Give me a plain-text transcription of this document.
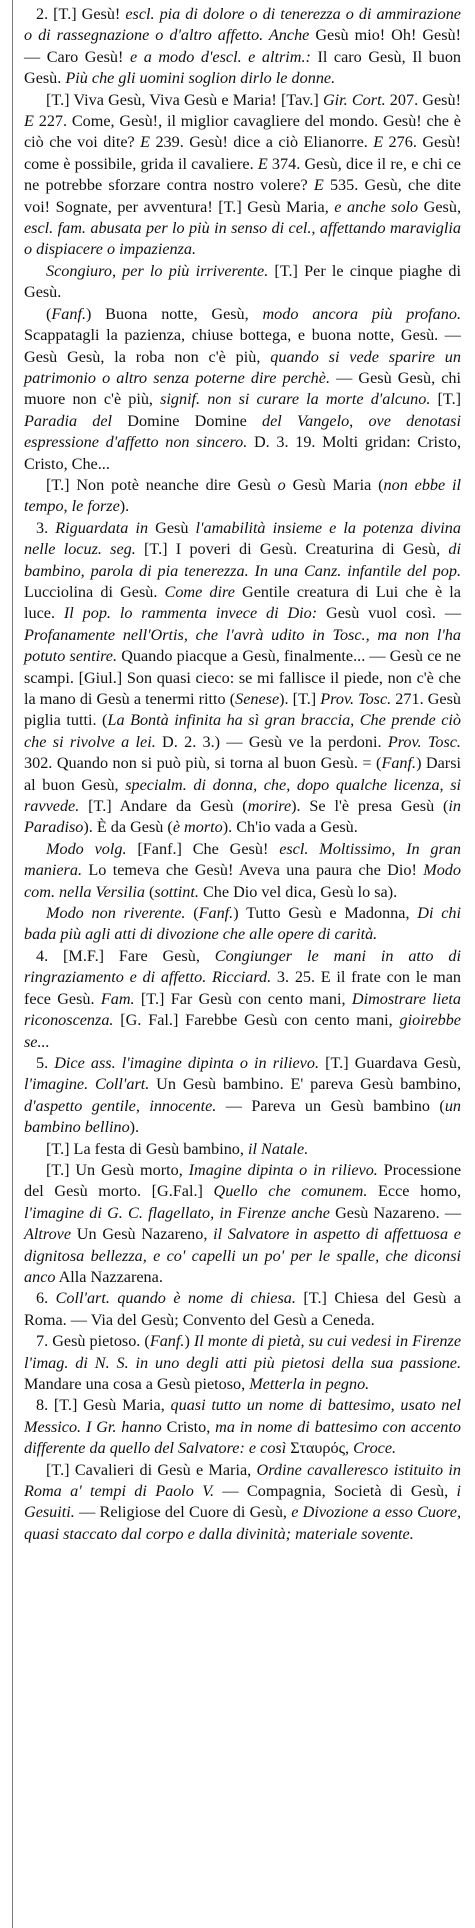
2. [T.] Gesù! escl. pia di dolore o di tenerezza o di ammirazione o di rassegnazione o d'altro affetto. Anche Gesù mio! Oh! Gesù! — Caro Gesù! e a modo d'escl. e altrim.: Il caro Gesù, Il buon Gesù. Più che gli uomini soglion dirlo le donne.

[T.] Viva Gesù, Viva Gesù e Maria! [Tav.] Gir. Cort. 207. Gesù! E 227. Come, Gesù!, il miglior cavagliere del mondo. Gesù! che è ciò che voi dite? E 239. Gesù! dice a ciò Elianorre. E 276. Gesù! come è possibile, grida il cavaliere. E 374. Gesù, dice il re, e chi ce ne potrebbe sforzare contra nostro volere? E 535. Gesù, che dite voi! Sognate, per avventura! [T.] Gesù Maria, e anche solo Gesù, escl. fam. abusata per lo più in senso di cel., affettando maraviglia o dispiacere o impazienza.

Scongiuro, per lo più irriverente. [T.] Per le cinque piaghe di Gesù.

(Fanf.) Buona notte, Gesù, modo ancora più profano. Scappatagli la pazienza, chiuse bottega, e buona notte, Gesù. — Gesù Gesù, la roba non c'è più, quando si vede sparire un patrimonio o altro senza poterne dire perchè. — Gesù Gesù, chi muore non c'è più, signif. non si curare la morte d'alcuno. [T.] Paradia del Domine Domine del Vangelo, ove denotasi espressione d'affetto non sincero. D. 3. 19. Molti gridan: Cristo, Cristo, Che...

[T.] Non potè neanche dire Gesù o Gesù Maria (non ebbe il tempo, le forze).

3. Riguardata in Gesù l'amabilità insieme e la potenza divina nelle locuz. seg. [T.] I poveri di Gesù. Creaturina di Gesù, di bambino, parola di pia tenerezza. In una Canz. infantile del pop. Lucciolina di Gesù. Come dire Gentile creatura di Lui che è la luce. Il pop. lo rammenta invece di Dio: Gesù vuol così. — Profanamente nell'Ortis, che l'avrà udito in Tosc., ma non l'ha potuto sentire. Quando piacque a Gesù, finalmente... — Gesù ce ne scampi. [Giul.] Son quasi cieco: se mi fallisce il piede, non c'è che la mano di Gesù a tenermi ritto (Senese). [T.] Prov. Tosc. 271. Gesù piglia tutti. (La Bontà infinita ha sì gran braccia, Che prende ciò che si rivolve a lei. D. 2. 3.) — Gesù ve la perdoni. Prov. Tosc. 302. Quando non si può più, si torna al buon Gesù. = (Fanf.) Darsi al buon Gesù, specialm. di donna, che, dopo qualche licenza, si ravvede. [T.] Andare da Gesù (morire). Se l'è presa Gesù (in Paradiso). È da Gesù (è morto). Ch'io vada a Gesù.

Modo volg. [Fanf.] Che Gesù! escl. Moltissimo, In gran maniera. Lo temeva che Gesù! Aveva una paura che Dio! Modo com. nella Versilia (sottint. Che Dio vel dica, Gesù lo sa).

Modo non riverente. (Fanf.) Tutto Gesù e Madonna, Di chi bada più agli atti di divozione che alle opere di carità.

4. [M.F.] Fare Gesù, Congiunger le mani in atto di ringraziamento e di affetto. Ricciard. 3. 25. E il frate con le man fece Gesù. Fam. [T.] Far Gesù con cento mani, Dimostrare lieta riconoscenza. [G. Fal.] Farebbe Gesù con cento mani, gioirebbe se...

5. Dice ass. l'imagine dipinta o in rilievo. [T.] Guardava Gesù, l'imagine. Coll'art. Un Gesù bambino. E' pareva Gesù bambino, d'aspetto gentile, innocente. — Pareva un Gesù bambino (un bambino bellino).

[T.] La festa di Gesù bambino, il Natale.

[T.] Un Gesù morto, Imagine dipinta o in rilievo. Processione del Gesù morto. [G.Fal.] Quello che comunem. Ecce homo, l'imagine di G. C. flagellato, in Firenze anche Gesù Nazareno. — Altrove Un Gesù Nazareno, il Salvatore in aspetto di affettuosa e dignitosa bellezza, e co' capelli un po' per le spalle, che diconsi anco Alla Nazzarena.

6. Coll'art. quando è nome di chiesa. [T.] Chiesa del Gesù a Roma. — Via del Gesù; Convento del Gesù a Ceneda.

7. Gesù pietoso. (Fanf.) Il monte di pietà, su cui vedesi in Firenze l'imag. di N. S. in uno degli atti più pietosi della sua passione. Mandare una cosa a Gesù pietoso, Metterla in pegno.

8. [T.] Gesù Maria, quasi tutto un nome di battesimo, usato nel Messico. I Gr. hanno Cristo, ma in nome di battesimo con accento differente da quello del Salvatore: e così Σταυρός, Croce.

[T.] Cavalieri di Gesù e Maria, Ordine cavalleresco istituito in Roma a' tempi di Paolo V. — Compagnia, Società di Gesù, i Gesuiti. — Religiose del Cuore di Gesù, e Divozione a esso Cuore, quasi staccato dal corpo e dalla divinità; materiale sovente.
